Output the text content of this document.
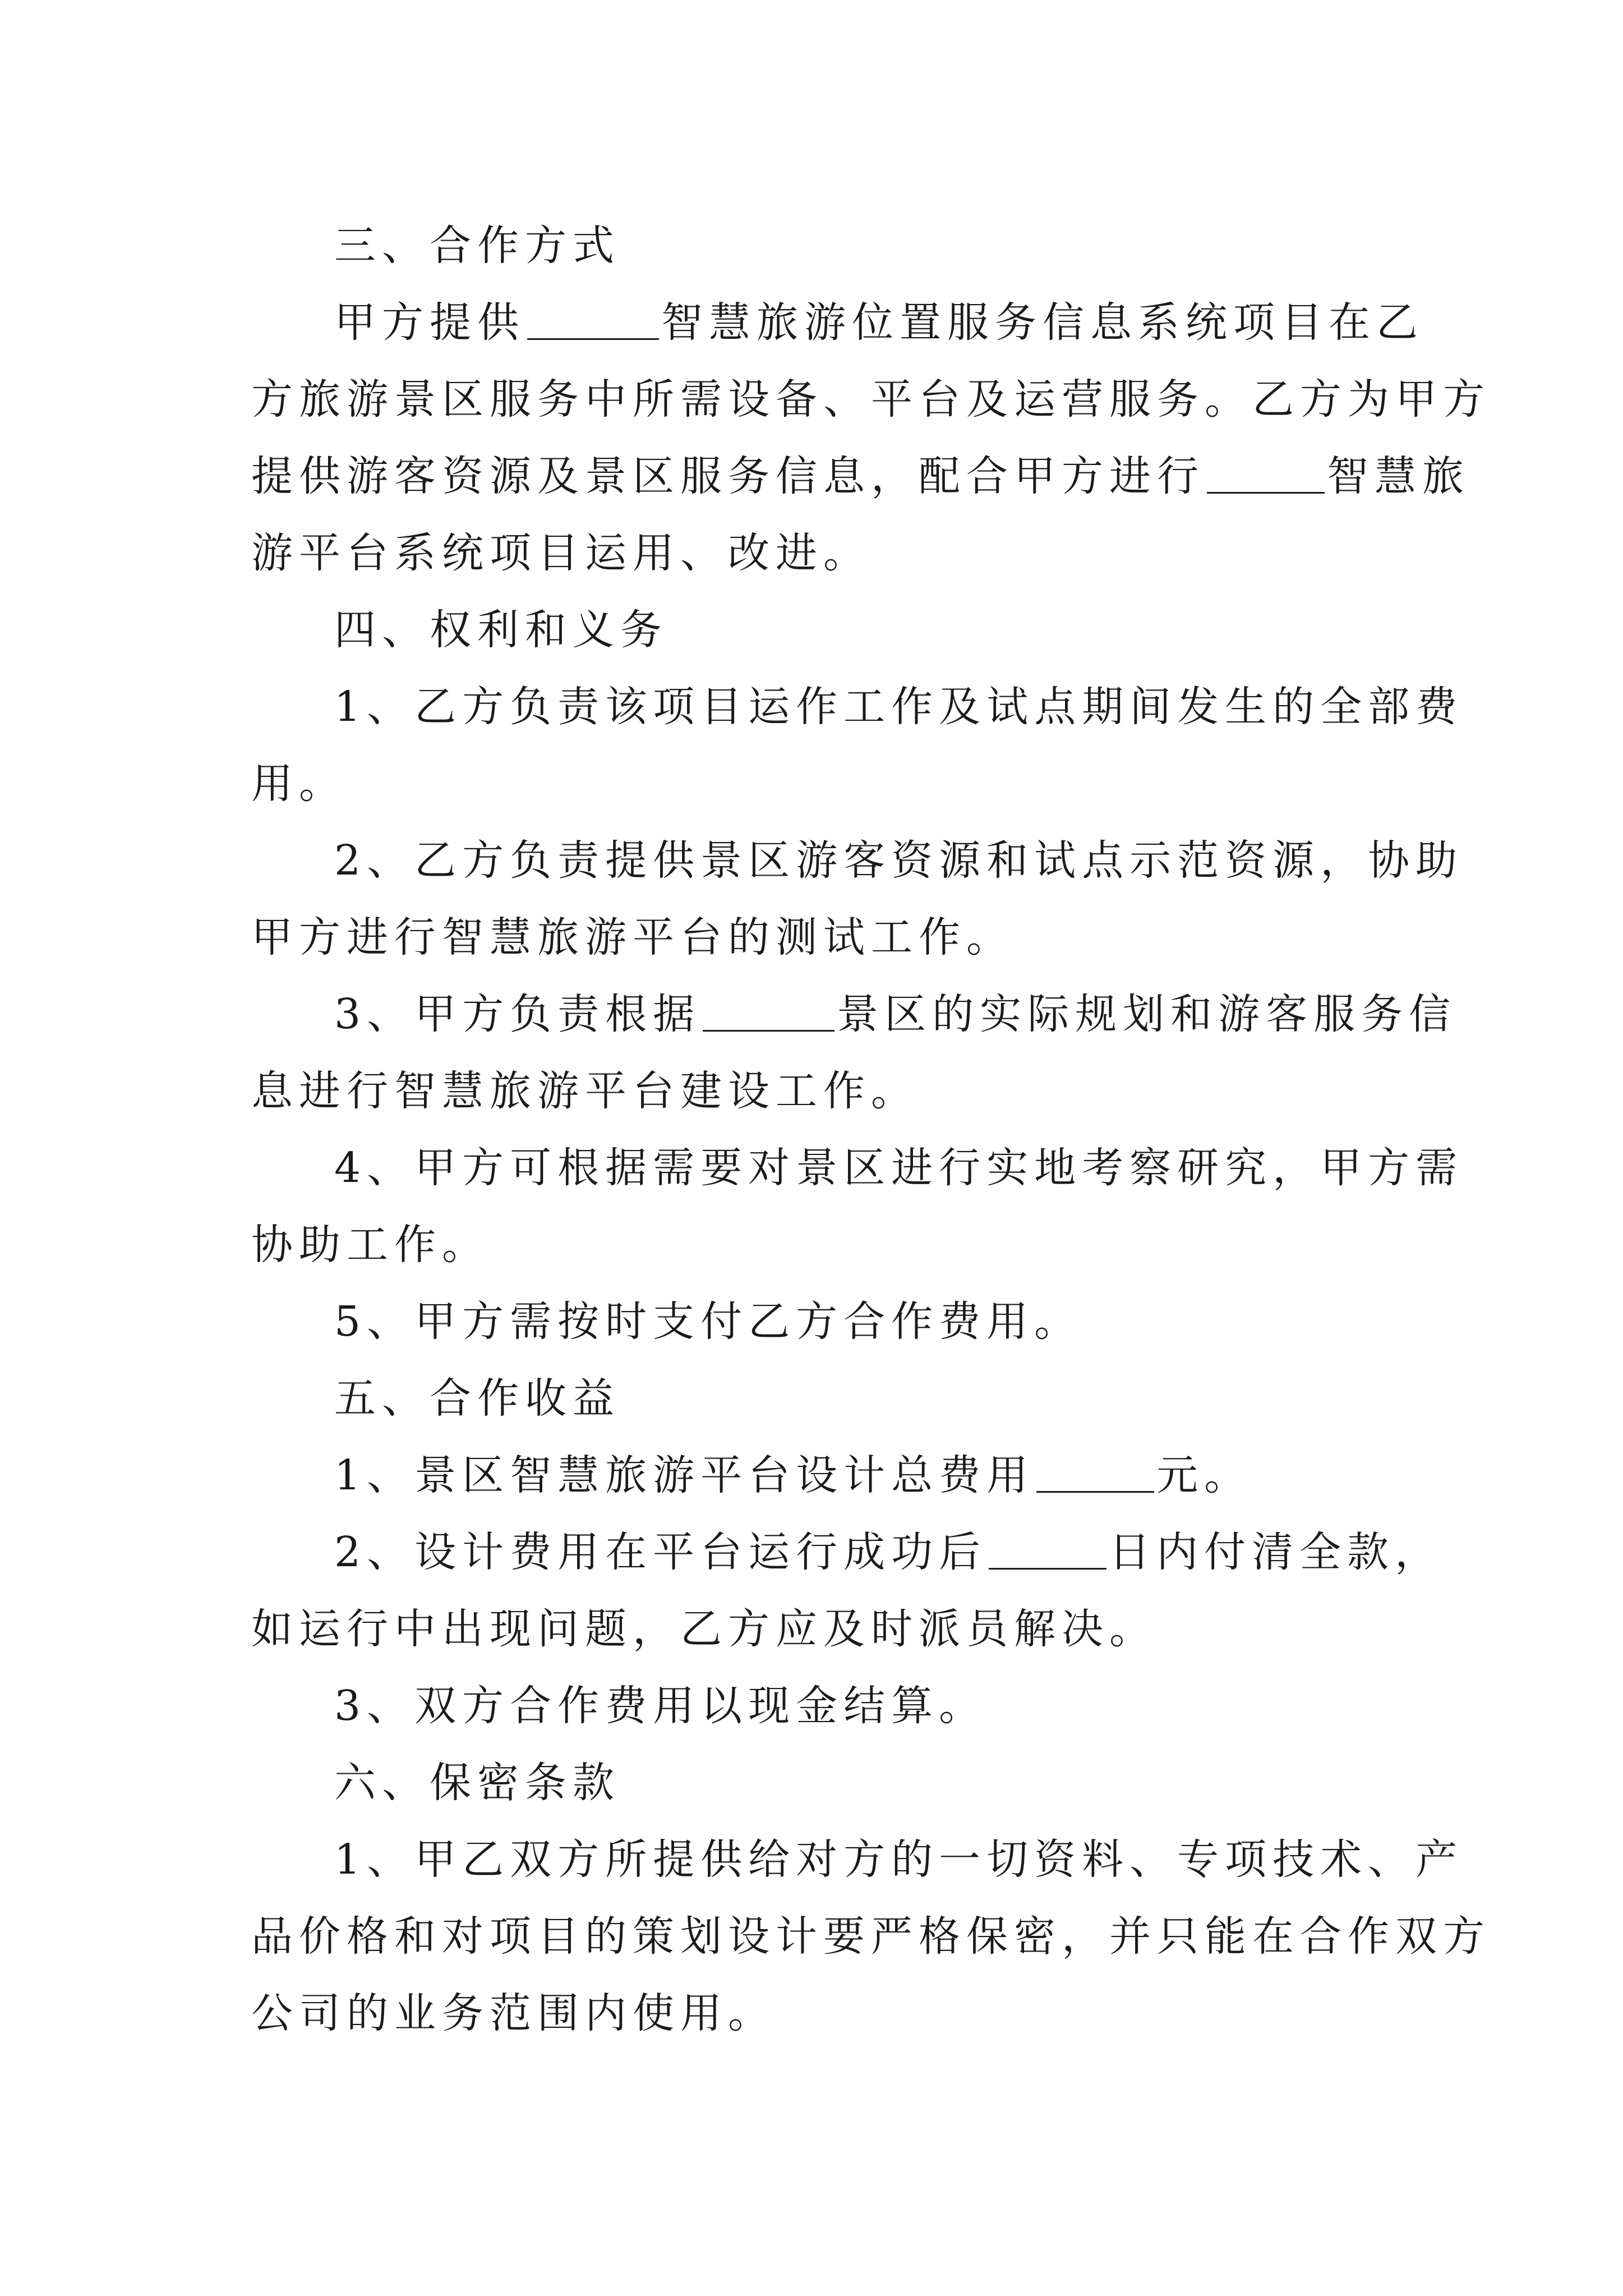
三、合作方式
甲方提供	智慧旅游位置服务信息系统项目在乙
方旅游景区服务中所需设备、平台及运营服务。乙方为甲方
提供游客资源及景区服务信息，配合甲方进行	智慧旅
游平台系统项目运用、改进。
四、权利和义务
1、乙方负责该项目运作工作及试点期间发生的全部费
用。
2、乙方负责提供景区游客资源和试点示范资源，协助
甲方进行智慧旅游平台的测试工作。
3、甲方负责根据	景区的实际规划和游客服务信
息进行智慧旅游平台建设工作。
4、甲方可根据需要对景区进行实地考察研究，甲方需
协助工作。
5、甲方需按时支付乙方合作费用。
五、合作收益
1、景区智慧旅游平台设计总费用	元。
2、设计费用在平台运行成功后	日内付清全款，
如运行中出现问题，乙方应及时派员解决。
3、双方合作费用以现金结算。
六、保密条款
1、甲乙双方所提供给对方的一切资料、专项技术、产
品价格和对项目的策划设计要严格保密，并只能在合作双方
公司的业务范围内使用。
